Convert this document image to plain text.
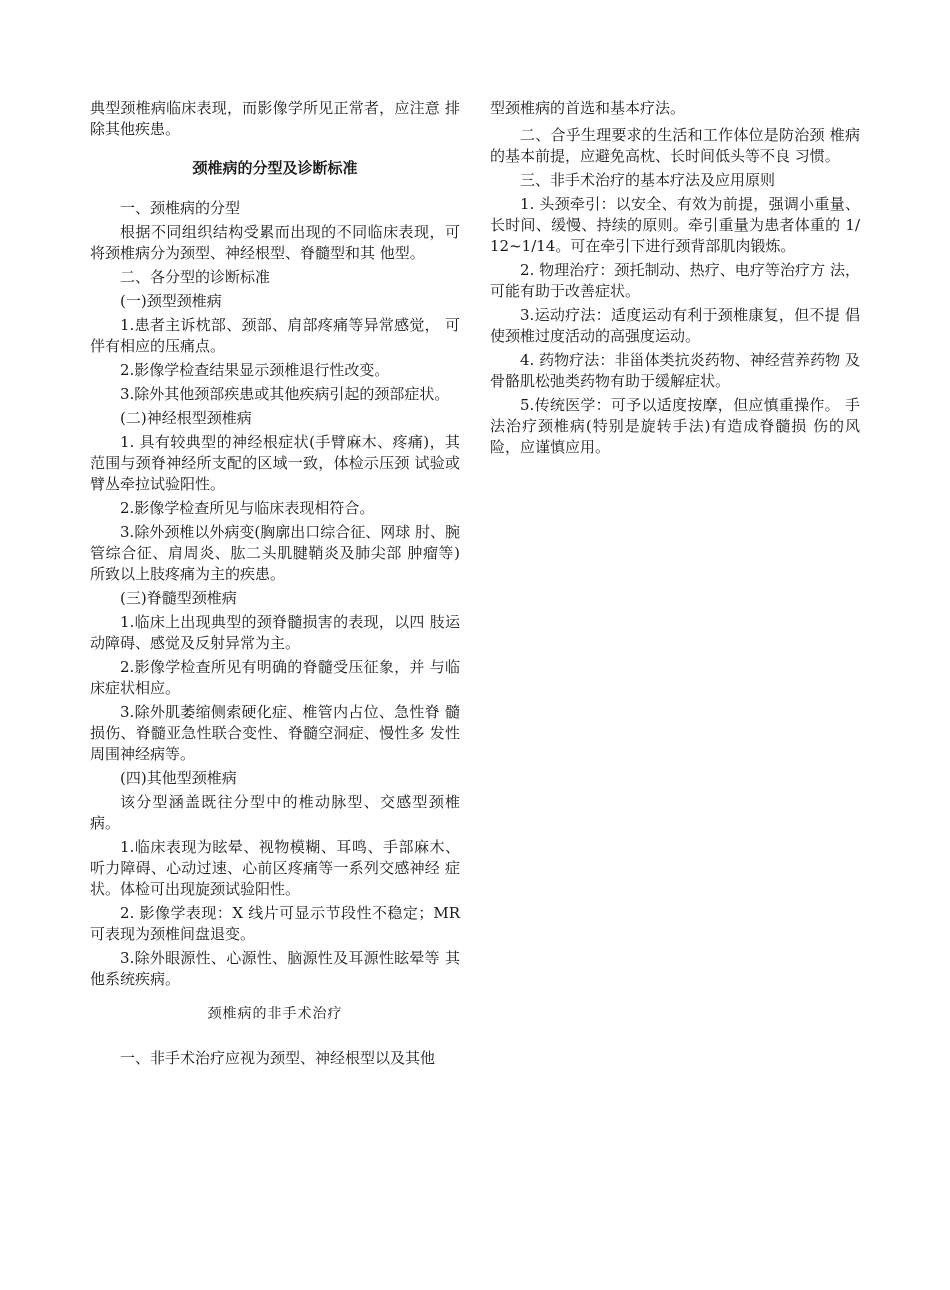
典型颈椎病临床表现，而影像学所见正常者，应注意 排除其他疾患。

颈椎病的分型及诊断标准

一、颈椎病的分型

根据不同组织结构受累而出现的不同临床表现，可将颈椎病分为颈型、神经根型、脊髓型和其 他型。

二、各分型的诊断标准

(一)颈型颈椎病

1.患者主诉枕部、颈部、肩部疼痛等异常感觉， 可伴有相应的压痛点。

2.影像学检查结果显示颈椎退行性改变。

3.除外其他颈部疾患或其他疾病引起的颈部症状。

(二)神经根型颈椎病

1. 具有较典型的神经根症状(手臂麻木、疼痛)，其范围与颈脊神经所支配的区域一致，体检示压颈 试验或臂丛牵拉试验阳性。

2.影像学检查所见与临床表现相符合。

3.除外颈椎以外病变(胸廓出口综合征、网球 肘、腕管综合征、肩周炎、肱二头肌腱鞘炎及肺尖部 肿瘤等)所致以上肢疼痛为主的疾患。

(三)脊髓型颈椎病

1.临床上出现典型的颈脊髓损害的表现，以四 肢运动障碍、感觉及反射异常为主。

2.影像学检查所见有明确的脊髓受压征象，并 与临床症状相应。

3.除外肌萎缩侧索硬化症、椎管内占位、急性脊 髓损伤、脊髓亚急性联合变性、脊髓空洞症、慢性多 发性周围神经病等。

(四)其他型颈椎病

该分型涵盖既往分型中的椎动脉型、交感型颈椎病。

1.临床表现为眩晕、视物模糊、耳鸣、手部麻木、 听力障碍、心动过速、心前区疼痛等一系列交感神经 症状。体检可出现旋颈试验阳性。

2. 影像学表现：X 线片可显示节段性不稳定；MR 可表现为颈椎间盘退变。

3.除外眼源性、心源性、脑源性及耳源性眩晕等 其他系统疾病。

颈椎病的非手术治疗

一、非手术治疗应视为颈型、神经根型以及其他

型颈椎病的首选和基本疗法。

二、合乎生理要求的生活和工作体位是防治颈 椎病的基本前提，应避免高枕、长时间低头等不良 习惯。

三、非手术治疗的基本疗法及应用原则

1. 头颈牵引：以安全、有效为前提，强调小重量、 长时间、缓慢、持续的原则。牵引重量为患者体重的 1/12~1/14。可在牵引下进行颈背部肌肉锻炼。

2. 物理治疗：颈托制动、热疗、电疗等治疗方 法，可能有助于改善症状。

3.运动疗法：适度运动有利于颈椎康复，但不提 倡使颈椎过度活动的高强度运动。

4. 药物疗法：非甾体类抗炎药物、神经营养药物 及骨骼肌松弛类药物有助于缓解症状。

5.传统医学：可予以适度按摩，但应慎重操作。 手法治疗颈椎病(特别是旋转手法)有造成脊髓损 伤的风险，应谨慎应用。
